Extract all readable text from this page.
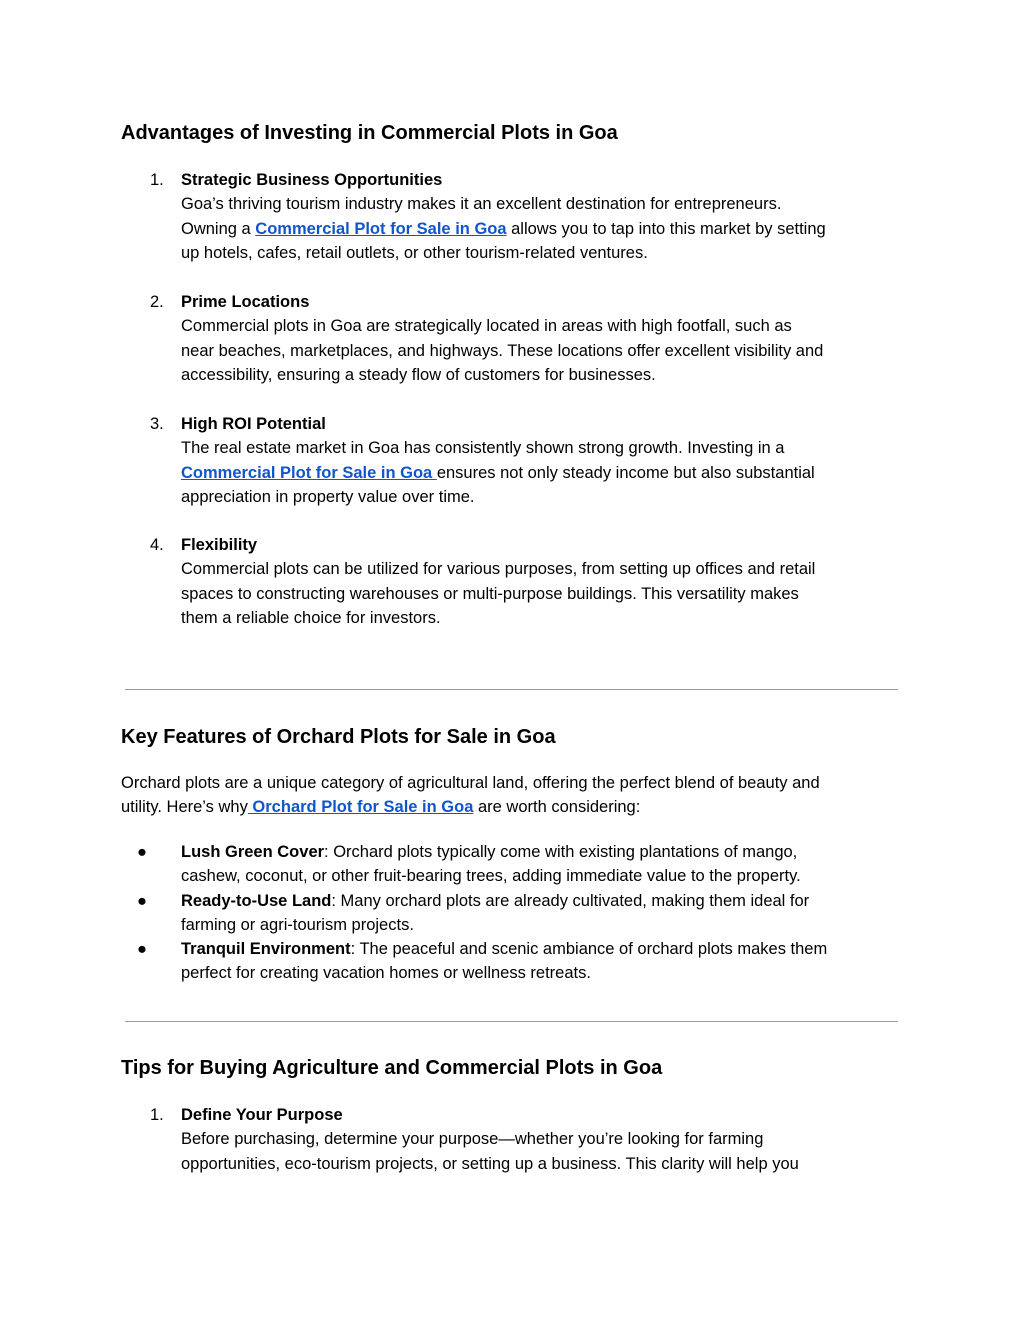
Advantages of Investing in Commercial Plots in Goa
1. Strategic Business Opportunities
Goa’s thriving tourism industry makes it an excellent destination for entrepreneurs.
Owning a Commercial Plot for Sale in Goa allows you to tap into this market by setting
up hotels, cafes, retail outlets, or other tourism-related ventures.
2. Prime Locations
Commercial plots in Goa are strategically located in areas with high footfall, such as
near beaches, marketplaces, and highways. These locations offer excellent visibility and
accessibility, ensuring a steady flow of customers for businesses.
3. High ROI Potential
The real estate market in Goa has consistently shown strong growth. Investing in a
Commercial Plot for Sale in Goa ensures not only steady income but also substantial
appreciation in property value over time.
4. Flexibility
Commercial plots can be utilized for various purposes, from setting up offices and retail
spaces to constructing warehouses or multi-purpose buildings. This versatility makes
them a reliable choice for investors.
Key Features of Orchard Plots for Sale in Goa
Orchard plots are a unique category of agricultural land, offering the perfect blend of beauty and
utility. Here’s why Orchard Plot for Sale in Goa are worth considering:
● Lush Green Cover: Orchard plots typically come with existing plantations of mango,
cashew, coconut, or other fruit-bearing trees, adding immediate value to the property.
● Ready-to-Use Land: Many orchard plots are already cultivated, making them ideal for
farming or agri-tourism projects.
● Tranquil Environment: The peaceful and scenic ambiance of orchard plots makes them
perfect for creating vacation homes or wellness retreats.
Tips for Buying Agriculture and Commercial Plots in Goa
1. Define Your Purpose
Before purchasing, determine your purpose—whether you’re looking for farming
opportunities, eco-tourism projects, or setting up a business. This clarity will help you
